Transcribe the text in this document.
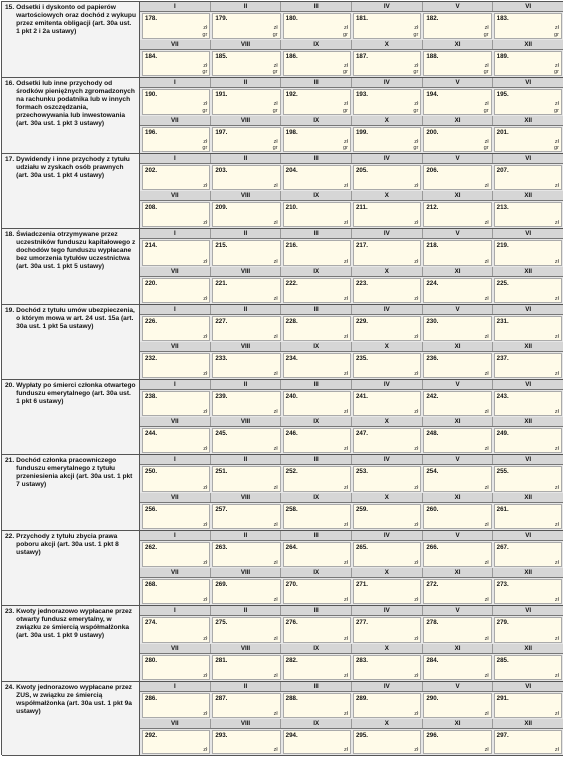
15. Odsetki i dyskonto od papierów wartościowych oraz dochód z wykupu przez emitenta obligacji (art. 30a ust. 1 pkt 2 i 2a ustawy)
I	II	III	IV	V	VI
178.
zł
gr
179.
zł
gr
180.
zł
gr
181.
zł
gr
182.
zł
gr
183.
zł
gr
VII	VIII	IX	X	XI	XII
184.
zł
gr
185.
zł
gr
186.
zł
gr
187.
zł
gr
188.
zł
gr
189.
zł
gr
16. Odsetki lub inne przychody od środków pieniężnych zgromadzonych na rachunku podatnika lub w innych formach oszczędzania, przechowywania lub inwestowania (art. 30a ust. 1 pkt 3 ustawy)
I	II	III	IV	V	VI
190.
zł
gr
191.
zł
gr
192.
zł
gr
193.
zł
gr
194.
zł
gr
195.
zł
gr
VII	VIII	IX	X	XI	XII
196.
zł
gr
197.
zł
gr
198.
zł
gr
199.
zł
gr
200.
zł
gr
201.
zł
gr
17. Dywidendy i inne przychody z tytułu udziału w zyskach osób prawnych (art. 30a ust. 1 pkt 4 ustawy)
I	II	III	IV	V	VI
202.
zł
203.
zł
204.
zł
205.
zł
206.
zł
207.
zł
VII	VIII	IX	X	XI	XII
208.
zł
209.
zł
210.
zł
211.
zł
212.
zł
213.
zł
18. Świadczenia otrzymywane przez uczestników funduszu kapitałowego z dochodów tego funduszu wypłacane bez umorzenia tytułów uczestnictwa (art. 30a ust. 1 pkt 5 ustawy)
I	II	III	IV	V	VI
214.
zł
215.
zł
216.
zł
217.
zł
218.
zł
219.
zł
VII	VIII	IX	X	XI	XII
220.
zł
221.
zł
222.
zł
223.
zł
224.
zł
225.
zł
19. Dochód z tytułu umów ubezpieczenia, o którym mowa w art. 24 ust. 15a (art. 30a ust. 1 pkt 5a ustawy)
I	II	III	IV	V	VI
226.
zł
227.
zł
228.
zł
229.
zł
230.
zł
231.
zł
VII	VIII	IX	X	XI	XII
232.
zł
233.
zł
234.
zł
235.
zł
236.
zł
237.
zł
20. Wypłaty po śmierci członka otwartego funduszu emerytalnego (art. 30a ust. 1 pkt 6 ustawy)
I	II	III	IV	V	VI
238.
zł
239.
zł
240.
zł
241.
zł
242.
zł
243.
zł
VII	VIII	IX	X	XI	XII
244.
zł
245.
zł
246.
zł
247.
zł
248.
zł
249.
zł
21. Dochód członka pracowniczego funduszu emerytalnego z tytułu przeniesienia akcji (art. 30a ust. 1 pkt 7 ustawy)
I	II	III	IV	V	VI
250.
zł
251.
zł
252.
zł
253.
zł
254.
zł
255.
zł
VII	VIII	IX	X	XI	XII
256.
zł
257.
zł
258.
zł
259.
zł
260.
zł
261.
zł
22. Przychody z tytułu zbycia prawa poboru akcji (art. 30a ust. 1 pkt 8 ustawy)
I	II	III	IV	V	VI
262.
zł
263.
zł
264.
zł
265.
zł
266.
zł
267.
zł
VII	VIII	IX	X	XI	XII
268.
zł
269.
zł
270.
zł
271.
zł
272.
zł
273.
zł
23. Kwoty jednorazowo wypłacane przez otwarty fundusz emerytalny, w związku ze śmiercią współmałżonka (art. 30a ust. 1 pkt 9 ustawy)
I	II	III	IV	V	VI
274.
zł
275.
zł
276.
zł
277.
zł
278.
zł
279.
zł
VII	VIII	IX	X	XI	XII
280.
zł
281.
zł
282.
zł
283.
zł
284.
zł
285.
zł
24. Kwoty jednorazowo wypłacane przez ZUS, w związku ze śmiercią współmałżonka (art. 30a ust. 1 pkt 9a ustawy)
I	II	III	IV	V	VI
286.
zł
287.
zł
288.
zł
289.
zł
290.
zł
291.
zł
VII	VIII	IX	X	XI	XII
292.
zł
293.
zł
294.
zł
295.
zł
296.
zł
297.
zł
